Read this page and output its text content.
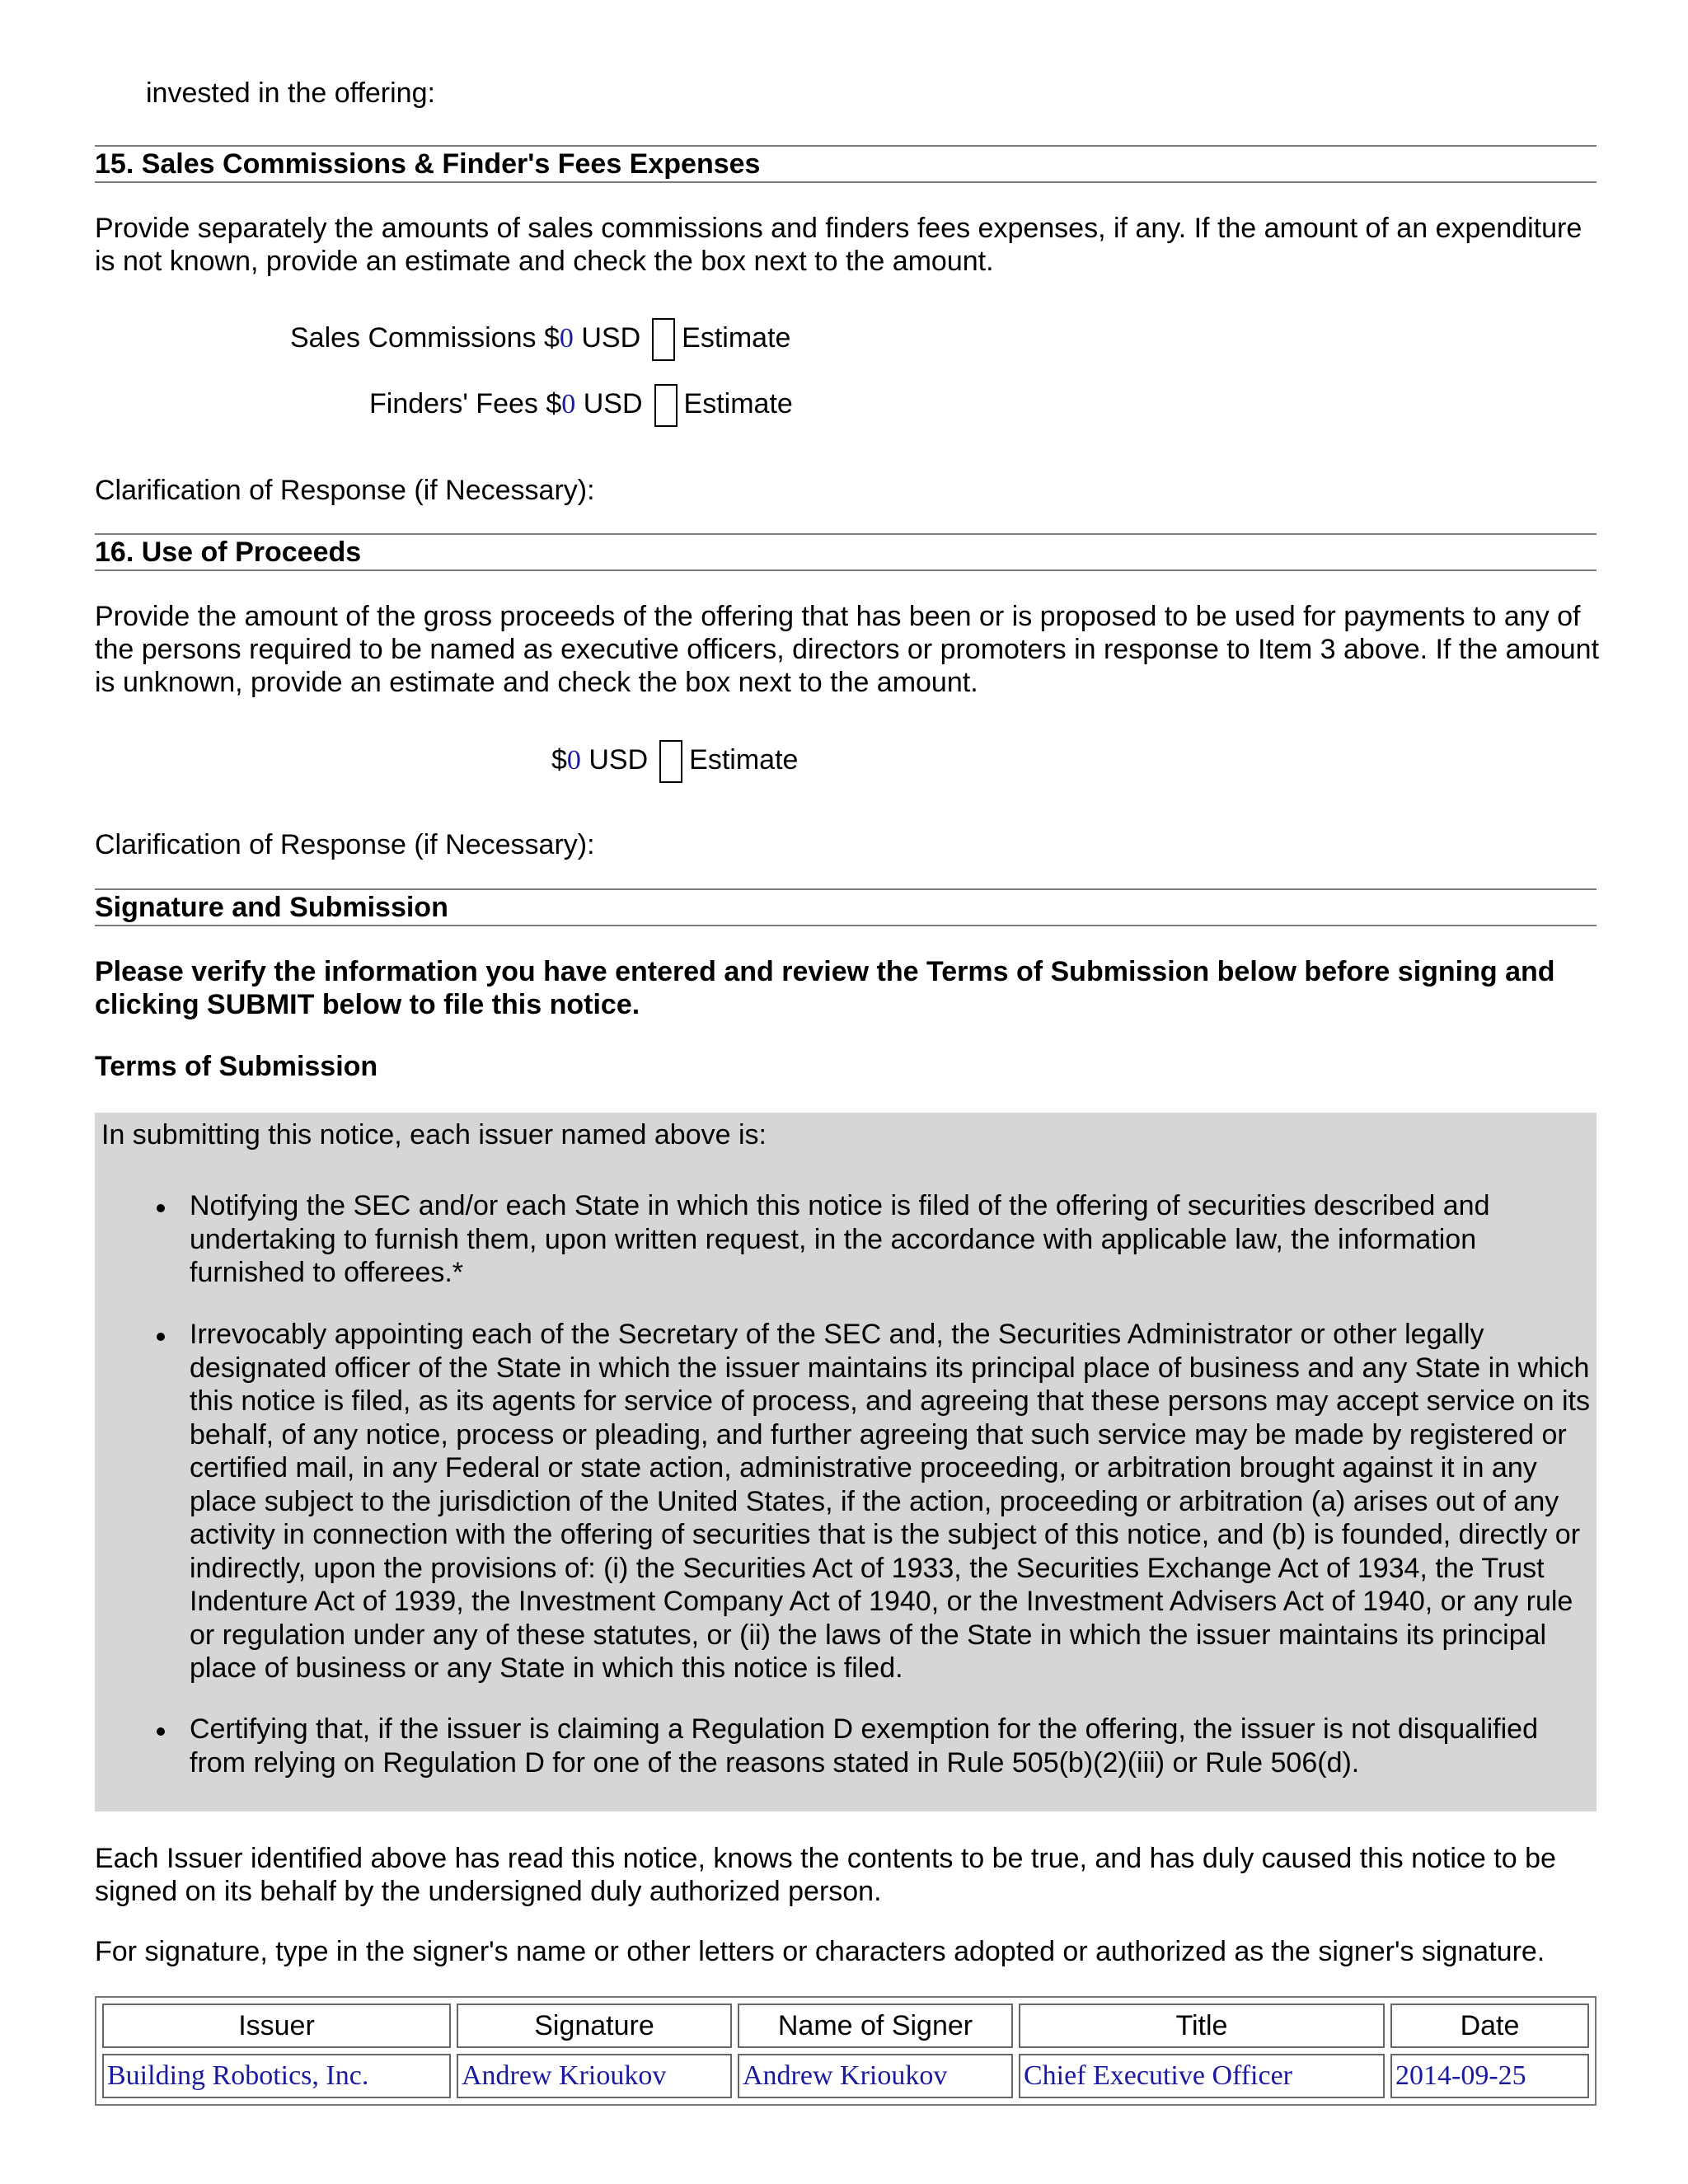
invested in the offering:
15. Sales Commissions & Finder's Fees Expenses
Provide separately the amounts of sales commissions and finders fees expenses, if any. If the amount of an expenditure is not known, provide an estimate and check the box next to the amount.
Sales Commissions $0 USD Estimate
Finders' Fees $0 USD Estimate
Clarification of Response (if Necessary):
16. Use of Proceeds
Provide the amount of the gross proceeds of the offering that has been or is proposed to be used for payments to any of the persons required to be named as executive officers, directors or promoters in response to Item 3 above. If the amount is unknown, provide an estimate and check the box next to the amount.
$0 USD Estimate
Clarification of Response (if Necessary):
Signature and Submission
Please verify the information you have entered and review the Terms of Submission below before signing and clicking SUBMIT below to file this notice.
Terms of Submission
In submitting this notice, each issuer named above is:
Notifying the SEC and/or each State in which this notice is filed of the offering of securities described and undertaking to furnish them, upon written request, in the accordance with applicable law, the information furnished to offerees.*
Irrevocably appointing each of the Secretary of the SEC and, the Securities Administrator or other legally designated officer of the State in which the issuer maintains its principal place of business and any State in which this notice is filed, as its agents for service of process, and agreeing that these persons may accept service on its behalf, of any notice, process or pleading, and further agreeing that such service may be made by registered or certified mail, in any Federal or state action, administrative proceeding, or arbitration brought against it in any place subject to the jurisdiction of the United States, if the action, proceeding or arbitration (a) arises out of any activity in connection with the offering of securities that is the subject of this notice, and (b) is founded, directly or indirectly, upon the provisions of: (i) the Securities Act of 1933, the Securities Exchange Act of 1934, the Trust Indenture Act of 1939, the Investment Company Act of 1940, or the Investment Advisers Act of 1940, or any rule or regulation under any of these statutes, or (ii) the laws of the State in which the issuer maintains its principal place of business or any State in which this notice is filed.
Certifying that, if the issuer is claiming a Regulation D exemption for the offering, the issuer is not disqualified from relying on Regulation D for one of the reasons stated in Rule 505(b)(2)(iii) or Rule 506(d).
Each Issuer identified above has read this notice, knows the contents to be true, and has duly caused this notice to be signed on its behalf by the undersigned duly authorized person.
For signature, type in the signer's name or other letters or characters adopted or authorized as the signer's signature.
Issuer	Signature	Name of Signer	Title	Date
Building Robotics, Inc.	Andrew Krioukov	Andrew Krioukov	Chief Executive Officer	2014-09-25
